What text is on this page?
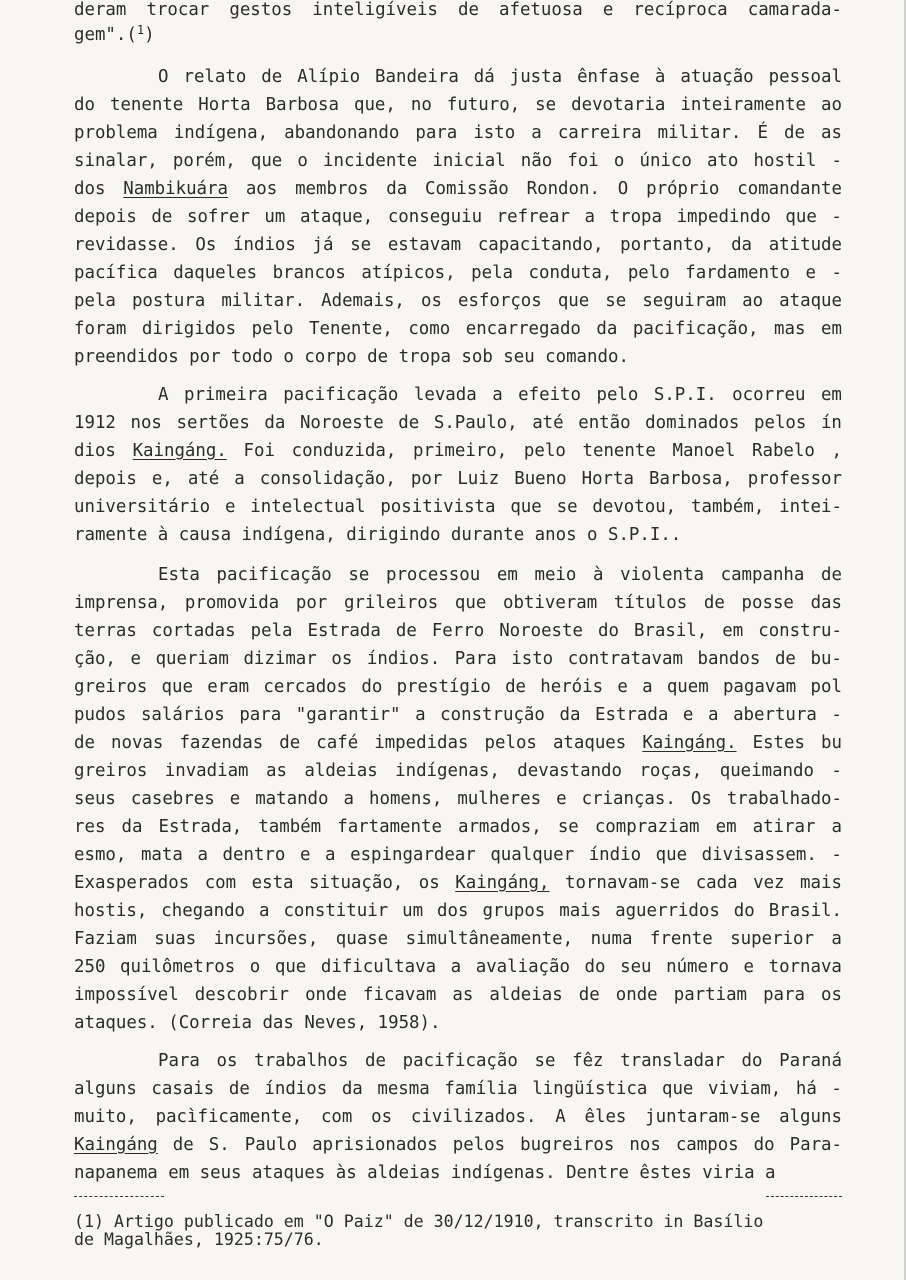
deram trocar gestos inteligíveis de afetuosa e recíproca camarada-
gem".($^1$)
O relato de Alípio Bandeira dá justa ênfase à atuação pessoal
do tenente Horta Barbosa que, no futuro, se devotaria inteiramente ao
problema indígena, abandonando para isto a carreira militar. É de as
sinalar, porém, que o incidente inicial não foi o único ato hostil -
dos Nambikuára aos membros da Comissão Rondon. O próprio comandante
depois de sofrer um ataque, conseguiu refrear a tropa impedindo que -
revidasse. Os índios já se estavam capacitando, portanto, da atitude
pacífica daqueles brancos atípicos, pela conduta, pelo fardamento e -
pela postura militar. Ademais, os esforços que se seguiram ao ataque
foram dirigidos pelo Tenente, como encarregado da pacificação, mas em
preendidos por todo o corpo de tropa sob seu comando.
A primeira pacificação levada a efeito pelo S.P.I. ocorreu em
1912 nos sertões da Noroeste de S.Paulo, até então dominados pelos ín
dios Kaingáng. Foi conduzida, primeiro, pelo tenente Manoel Rabelo ,
depois e, até a consolidação, por Luiz Bueno Horta Barbosa, professor
universitário e intelectual positivista que se devotou, também, intei-
ramente à causa indígena, dirigindo durante anos o S.P.I..
Esta pacificação se processou em meio à violenta campanha de
imprensa, promovida por grileiros que obtiveram títulos de posse das
terras cortadas pela Estrada de Ferro Noroeste do Brasil, em constru-
ção, e queriam dizimar os índios. Para isto contratavam bandos de bu-
greiros que eram cercados do prestígio de heróis e a quem pagavam pol
pudos salários para "garantir" a construção da Estrada e a abertura -
de novas fazendas de café impedidas pelos ataques Kaingáng. Estes bu
greiros invadiam as aldeias indígenas, devastando roças, queimando -
seus casebres e matando a homens, mulheres e crianças. Os trabalhado-
res da Estrada, também fartamente armados, se compraziam em atirar a
esmo, mata a dentro e a espingardear qualquer índio que divisassem. -
Exasperados com esta situação, os Kaingáng, tornavam-se cada vez mais
hostis, chegando a constituir um dos grupos mais aguerridos do Brasil.
Faziam suas incursões, quase simultâneamente, numa frente superior a
250 quilômetros o que dificultava a avaliação do seu número e tornava
impossível descobrir onde ficavam as aldeias de onde partiam para os
ataques. (Correia das Neves, 1958).
Para os trabalhos de pacificação se fêz transladar do Paraná
alguns casais de índios da mesma família lingüística que viviam, há -
muito, pacìficamente, com os civilizados. A êles juntaram-se alguns
Kaingáng de S. Paulo aprisionados pelos bugreiros nos campos do Para-
napanema em seus ataques às aldeias indígenas. Dentre êstes viria a
(1) Artigo publicado em "O Paiz" de 30/12/1910, transcrito in Basílio
de Magalhães, 1925:75/76.
